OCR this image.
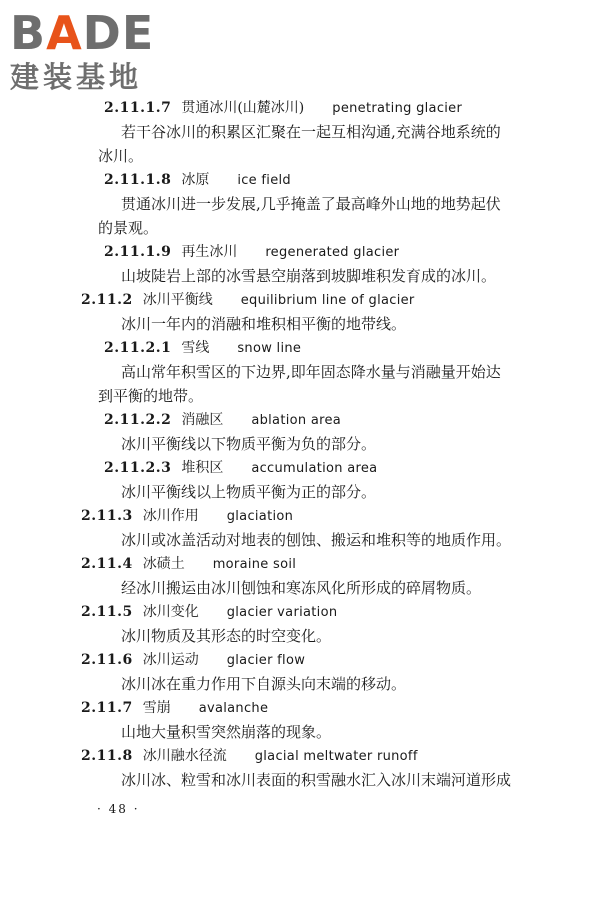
BADE
建装基地
2.11.1.7 贯通冰川(山麓冰川) penetrating glacier
若干谷冰川的积累区汇聚在一起互相沟通,充满谷地系统的
冰川。
2.11.1.8 冰原 ice field
贯通冰川进一步发展,几乎掩盖了最高峰外山地的地势起伏
的景观。
2.11.1.9 再生冰川 regenerated glacier
山坡陡岩上部的冰雪悬空崩落到坡脚堆积发育成的冰川。
2.11.2 冰川平衡线 equilibrium line of glacier
冰川一年内的消融和堆积相平衡的地带线。
2.11.2.1 雪线 snow line
高山常年积雪区的下边界,即年固态降水量与消融量开始达
到平衡的地带。
2.11.2.2 消融区 ablation area
冰川平衡线以下物质平衡为负的部分。
2.11.2.3 堆积区 accumulation area
冰川平衡线以上物质平衡为正的部分。
2.11.3 冰川作用 glaciation
冰川或冰盖活动对地表的刨蚀、搬运和堆积等的地质作用。
2.11.4 冰碛土 moraine soil
经冰川搬运由冰川刨蚀和寒冻风化所形成的碎屑物质。
2.11.5 冰川变化 glacier variation
冰川物质及其形态的时空变化。
2.11.6 冰川运动 glacier flow
冰川冰在重力作用下自源头向末端的移动。
2.11.7 雪崩 avalanche
山地大量积雪突然崩落的现象。
2.11.8 冰川融水径流 glacial meltwater runoff
冰川冰、粒雪和冰川表面的积雪融水汇入冰川末端河道形成
· 48 ·
